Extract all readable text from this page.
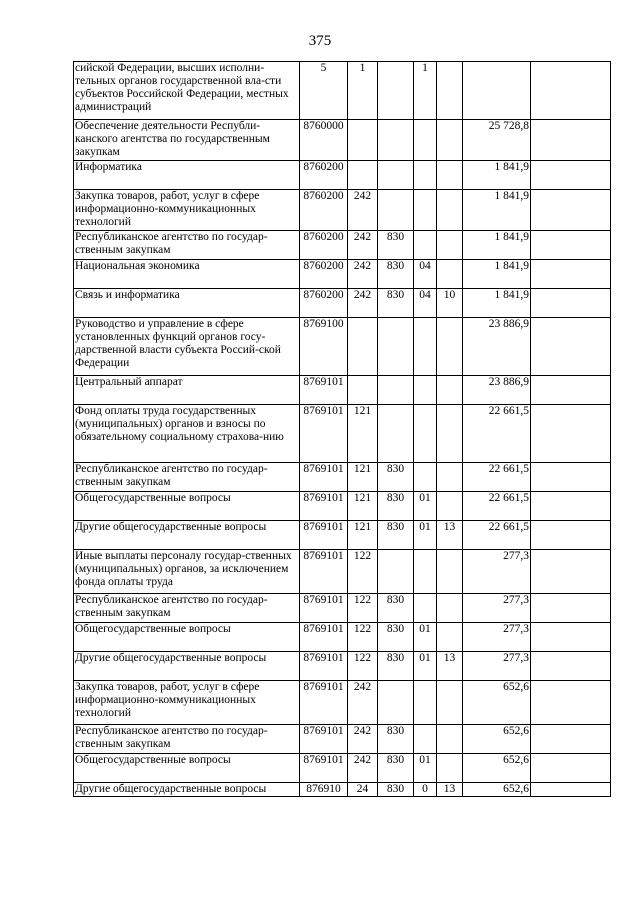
375
сийской Федерации, высших исполни-тельных органов государственной вла-сти субъектов Российской Федерации, местных администраций	5	1		1			

Обеспечение деятельности Республи-канского агентства по государственным закупкам	8760000					25 728,8	

Информатика	8760200					1 841,9	

Закупка товаров, работ, услуг в сфере информационно-коммуникационных технологий	8760200	242				1 841,9	

Республиканское агентство по государ-ственным закупкам	8760200	242	830			1 841,9	

Национальная экономика	8760200	242	830	04		1 841,9	

Связь и информатика	8760200	242	830	04	10	1 841,9	

Руководство и управление в сфере установленных функций органов госу-дарственной власти субъекта Россий-ской Федерации	8769100					23 886,9	

Центральный аппарат	8769101					23 886,9	

Фонд оплаты труда государственных (муниципальных) органов и взносы по обязательному социальному страхова-нию	8769101	121				22 661,5	

Республиканское агентство по государ-ственным закупкам	8769101	121	830			22 661,5	

Общегосударственные вопросы	8769101	121	830	01		22 661,5	

Другие общегосударственные вопросы	8769101	121	830	01	13	22 661,5	

Иные выплаты персоналу государ-ственных (муниципальных) органов, за исключением фонда оплаты труда	8769101	122				277,3	

Республиканское агентство по государ-ственным закупкам	8769101	122	830			277,3	

Общегосударственные вопросы	8769101	122	830	01		277,3	

Другие общегосударственные вопросы	8769101	122	830	01	13	277,3	

Закупка товаров, работ, услуг в сфере информационно-коммуникационных технологий	8769101	242				652,6	

Республиканское агентство по государ-ственным закупкам	8769101	242	830			652,6	

Общегосударственные вопросы	8769101	242	830	01		652,6	

Другие общегосударственные вопросы	876910	24	830	0	13	652,6	
